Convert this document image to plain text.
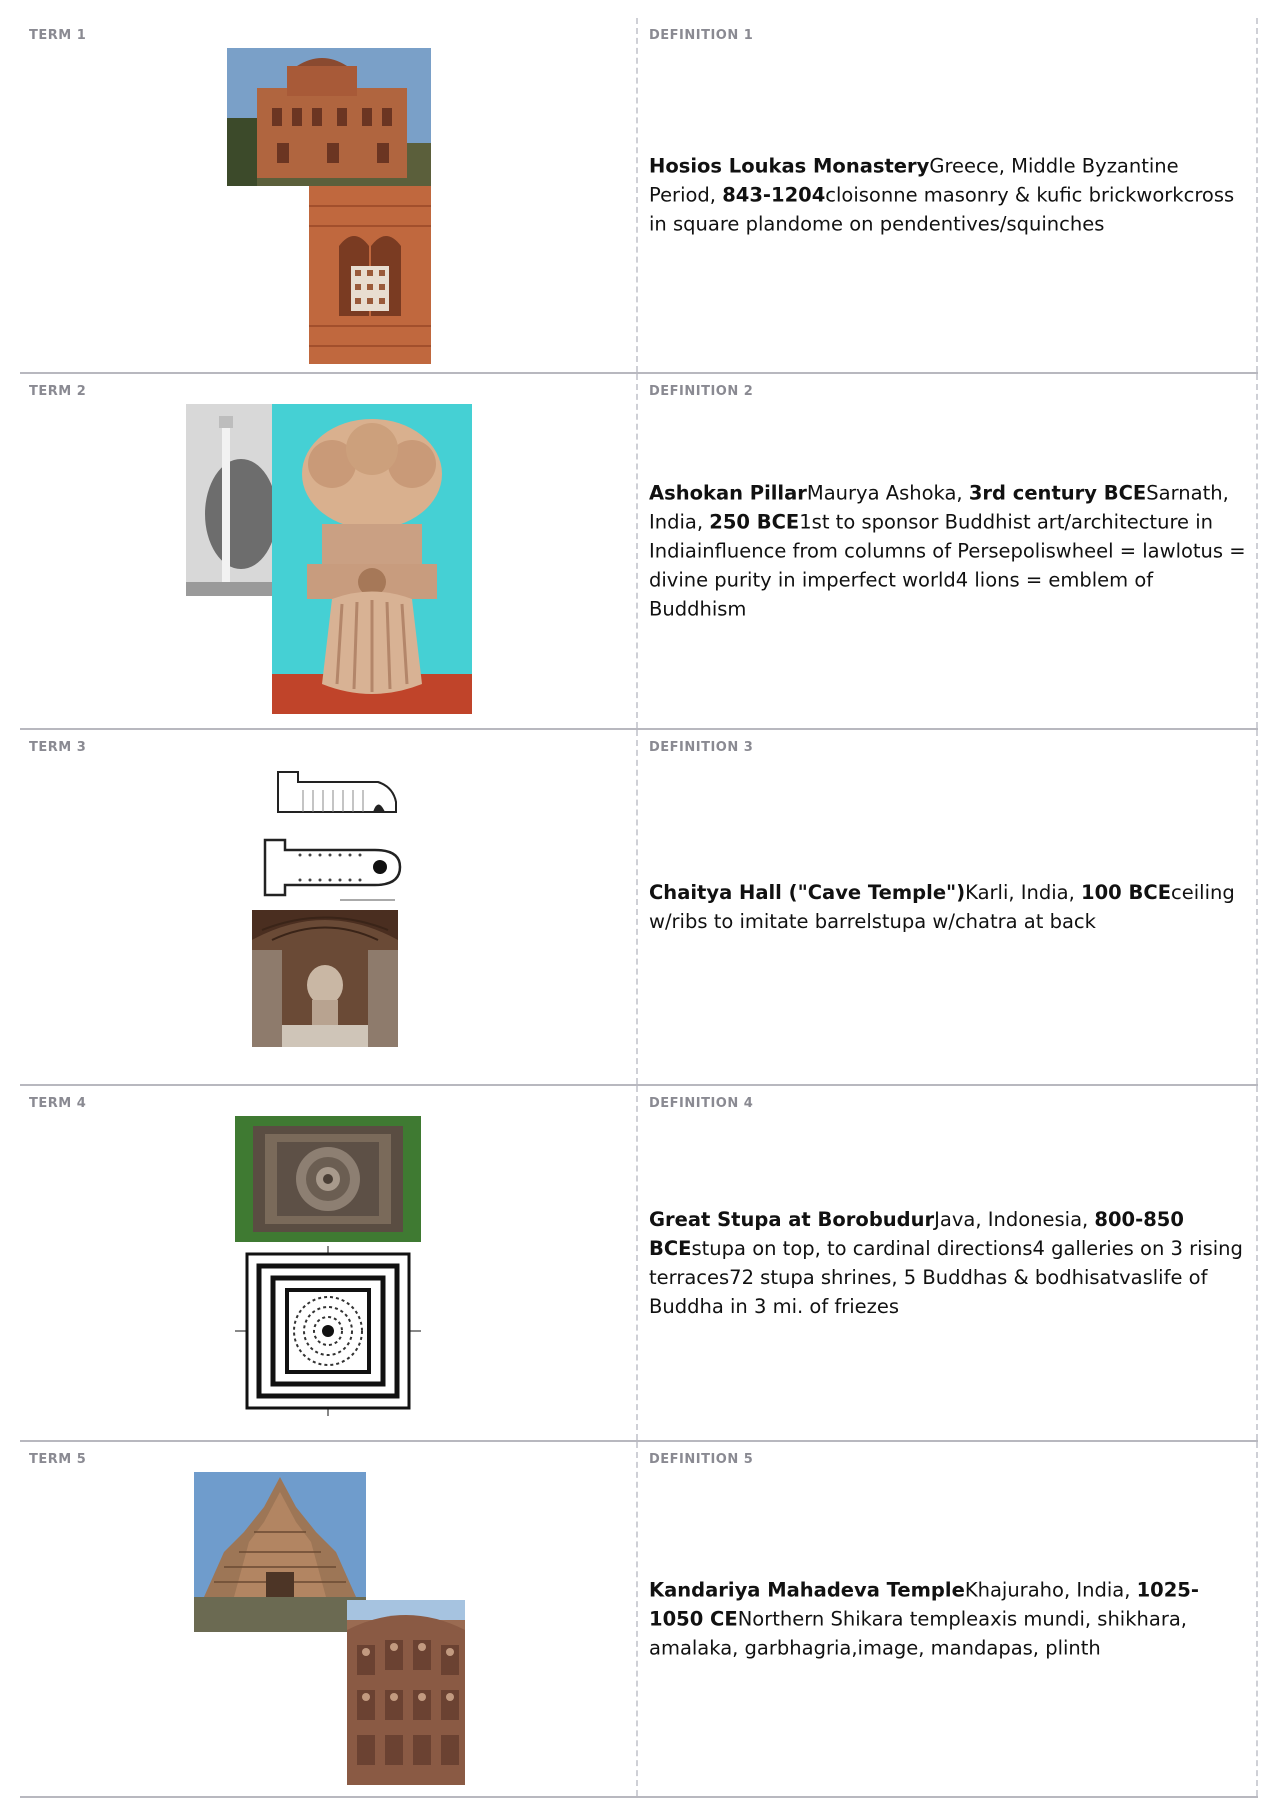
TERM 1	DEFINITION 1
Hosios Loukas MonasteryGreece, Middle Byzantine Period, 843-1204cloisonne masonry & kufic brickworkcross in square plandome on pendentives/squinches
TERM 2	DEFINITION 2
Ashokan PillarMaurya Ashoka, 3rd century BCESarnath, India, 250 BCE1st to sponsor Buddhist art/architecture in Indiainfluence from columns of Persepoliswheel = lawlotus = divine purity in imperfect world4 lions = emblem of Buddhism
TERM 3	DEFINITION 3
Chaitya Hall ("Cave Temple")Karli, India, 100 BCEceiling w/ribs to imitate barrelstupa w/chatra at back
TERM 4	DEFINITION 4
Great Stupa at BorobudurJava, Indonesia, 800-850 BCEstupa on top, to cardinal directions4 galleries on 3 rising terraces72 stupa shrines, 5 Buddhas & bodhisatvaslife of Buddha in 3 mi. of friezes
TERM 5	DEFINITION 5
Kandariya Mahadeva TempleKhajuraho, India, 1025-1050 CENorthern Shikara templeaxis mundi, shikhara, amalaka, garbhagria,image, mandapas, plinth
